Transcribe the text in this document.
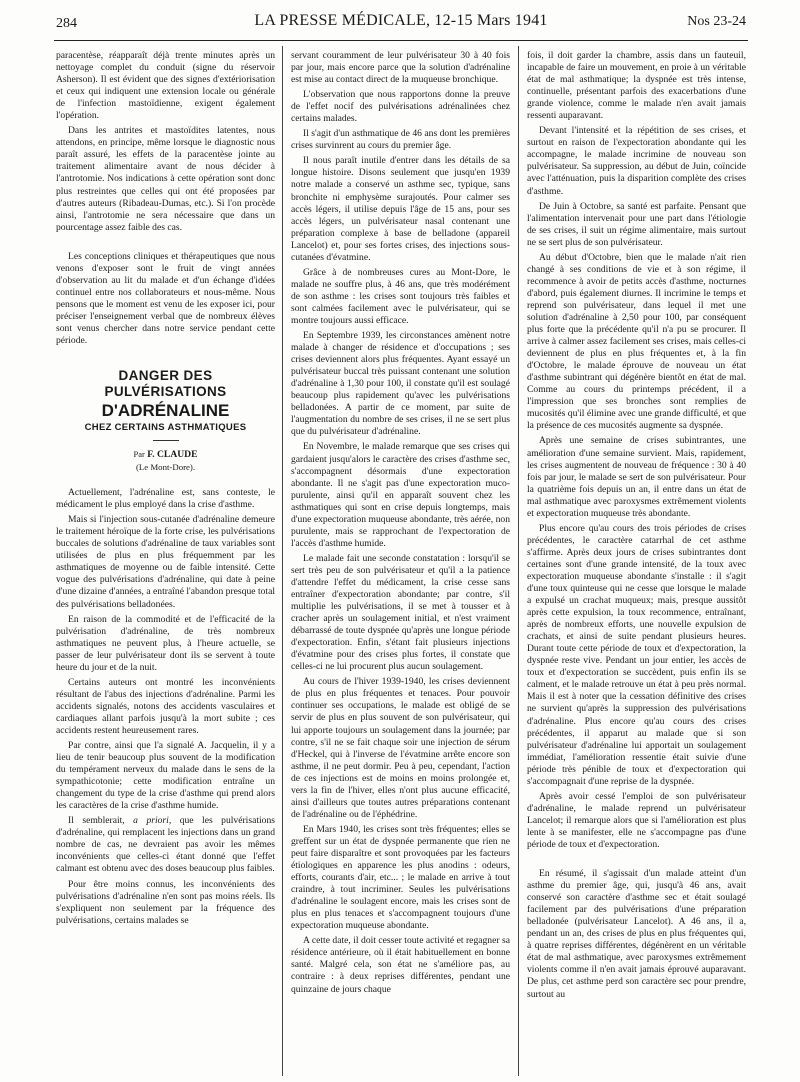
284	LA PRESSE MÉDICALE, 12-15 Mars 1941	Nos 23-24

paracentèse, réapparaît déjà trente minutes après un nettoyage complet du conduit (signe du réservoir Asherson). Il est évident que des signes d'extériorisation et ceux qui indiquent une extension locale ou générale de l'infection mastoïdienne, exigent également l'opération.

Dans les antrites et mastoïdites latentes, nous attendons, en principe, même lorsque le diagnostic nous paraît assuré, les effets de la paracentèse jointe au traitement alimentaire avant de nous décider à l'antrotomie. Nos indications à cette opération sont donc plus restreintes que celles qui ont été proposées par d'autres auteurs (Ribadeau-Dumas, etc.). Si l'on procède ainsi, l'antrotomie ne sera nécessaire que dans un pourcentage assez faible des cas.

Les conceptions cliniques et thérapeutiques que nous venons d'exposer sont le fruit de vingt années d'observation au lit du malade et d'un échange d'idées continuel entre nos collaborateurs et nous-même. Nous pensons que le moment est venu de les exposer ici, pour préciser l'enseignement verbal que de nombreux élèves sont venus chercher dans notre service pendant cette période.

DANGER DES PULVÉRISATIONS
D'ADRÉNALINE
CHEZ CERTAINS ASTHMATIQUES
Par F. CLAUDE
(Le Mont-Dore).

Actuellement, l'adrénaline est, sans conteste, le médicament le plus employé dans la crise d'asthme.

Mais si l'injection sous-cutanée d'adrénaline demeure le traitement héroïque de la forte crise, les pulvérisations buccales de solutions d'adrénaline de taux variables sont utilisées de plus en plus fréquemment par les asthmatiques de moyenne ou de faible intensité. Cette vogue des pulvérisations d'adrénaline, qui date à peine d'une dizaine d'années, a entraîné l'abandon presque total des pulvérisations belladonées.

En raison de la commodité et de l'efficacité de la pulvérisation d'adrénaline, de très nombreux asthmatiques ne peuvent plus, à l'heure actuelle, se passer de leur pulvérisateur dont ils se servent à toute heure du jour et de la nuit.

Certains auteurs ont montré les inconvénients résultant de l'abus des injections d'adrénaline. Parmi les accidents signalés, notons des accidents vasculaires et cardiaques allant parfois jusqu'à la mort subite ; ces accidents restent heureusement rares.

Par contre, ainsi que l'a signalé A. Jacquelin, il y a lieu de tenir beaucoup plus souvent de la modification du tempérament nerveux du malade dans le sens de la sympathicotonie; cette modification entraîne un changement du type de la crise d'asthme qui prend alors les caractères de la crise d'asthme humide.

Il semblerait, a priori, que les pulvérisations d'adrénaline, qui remplacent les injections dans un grand nombre de cas, ne devraient pas avoir les mêmes inconvénients que celles-ci étant donné que l'effet calmant est obtenu avec des doses beaucoup plus faibles.

Pour être moins connus, les inconvénients des pulvérisations d'adrénaline n'en sont pas moins réels. Ils s'expliquent non seulement par la fréquence des pulvérisations, certains malades se

servant couramment de leur pulvérisateur 30 à 40 fois par jour, mais encore parce que la solution d'adrénaline est mise au contact direct de la muqueuse bronchique.

L'observation que nous rapportons donne la preuve de l'effet nocif des pulvérisations adrénalinées chez certains malades.

Il s'agit d'un asthmatique de 46 ans dont les premières crises survinrent au cours du premier âge.

Il nous paraît inutile d'entrer dans les détails de sa longue histoire. Disons seulement que jusqu'en 1939 notre malade a conservé un asthme sec, typique, sans bronchite ni emphysème surajoutés. Pour calmer ses accès légers, il utilise depuis l'âge de 15 ans, pour ses accès légers, un pulvérisateur nasal contenant une préparation complexe à base de belladone (appareil Lancelot) et, pour ses fortes crises, des injections sous-cutanées d'évatmine.

Grâce à de nombreuses cures au Mont-Dore, le malade ne souffre plus, à 46 ans, que très modérément de son asthme : les crises sont toujours très faibles et sont calmées facilement avec le pulvérisateur, qui se montre toujours aussi efficace.

En Septembre 1939, les circonstances amènent notre malade à changer de résidence et d'occupations ; ses crises deviennent alors plus fréquentes. Ayant essayé un pulvérisateur buccal très puissant contenant une solution d'adrénaline à 1,30 pour 100, il constate qu'il est soulagé beaucoup plus rapidement qu'avec les pulvérisations belladonées. A partir de ce moment, par suite de l'augmentation du nombre de ses crises, il ne se sert plus que du pulvérisateur d'adrénaline.

En Novembre, le malade remarque que ses crises qui gardaient jusqu'alors le caractère des crises d'asthme sec, s'accompagnent désormais d'une expectoration abondante. Il ne s'agit pas d'une expectoration muco-purulente, ainsi qu'il en apparaît souvent chez les asthmatiques qui sont en crise depuis longtemps, mais d'une expectoration muqueuse abondante, très aérée, non purulente, mais se rapprochant de l'expectoration de l'accès d'asthme humide.

Le malade fait une seconde constatation : lorsqu'il se sert très peu de son pulvérisateur et qu'il a la patience d'attendre l'effet du médicament, la crise cesse sans entraîner d'expectoration abondante; par contre, s'il multiplie les pulvérisations, il se met à tousser et à cracher après un soulagement initial, et n'est vraiment débarrassé de toute dyspnée qu'après une longue période d'expectoration. Enfin, s'étant fait plusieurs injections d'évatmine pour des crises plus fortes, il constate que celles-ci ne lui procurent plus aucun soulagement.

Au cours de l'hiver 1939-1940, les crises deviennent de plus en plus fréquentes et tenaces. Pour pouvoir continuer ses occupations, le malade est obligé de se servir de plus en plus souvent de son pulvérisateur, qui lui apporte toujours un soulagement dans la journée; par contre, s'il ne se fait chaque soir une injection de sérum d'Heckel, qui à l'inverse de l'évatmine arrête encore son asthme, il ne peut dormir. Peu à peu, cependant, l'action de ces injections est de moins en moins prolongée et, vers la fin de l'hiver, elles n'ont plus aucune efficacité, ainsi d'ailleurs que toutes autres préparations contenant de l'adrénaline ou de l'éphédrine.

En Mars 1940, les crises sont très fréquentes; elles se greffent sur un état de dyspnée permanente que rien ne peut faire disparaître et sont provoquées par les facteurs étiologiques en apparence les plus anodins : odeurs, efforts, courants d'air, etc... ; le malade en arrive à tout craindre, à tout incriminer. Seules les pulvérisations d'adrénaline le soulagent encore, mais les crises sont de plus en plus tenaces et s'accompagnent toujours d'une expectoration muqueuse abondante.

A cette date, il doit cesser toute activité et regagner sa résidence antérieure, où il était habituellement en bonne santé. Malgré cela, son état ne s'améliore pas, au contraire : à deux reprises différentes, pendant une quinzaine de jours chaque

fois, il doit garder la chambre, assis dans un fauteuil, incapable de faire un mouvement, en proie à un véritable état de mal asthmatique; la dyspnée est très intense, continuelle, présentant parfois des exacerbations d'une grande violence, comme le malade n'en avait jamais ressenti auparavant.

Devant l'intensité et la répétition de ses crises, et surtout en raison de l'expectoration abondante qui les accompagne, le malade incrimine de nouveau son pulvérisateur. Sa suppression, au début de Juin, coïncide avec l'atténuation, puis la disparition complète des crises d'asthme.

De Juin à Octobre, sa santé est parfaite. Pensant que l'alimentation intervenait pour une part dans l'étiologie de ses crises, il suit un régime alimentaire, mais surtout ne se sert plus de son pulvérisateur.

Au début d'Octobre, bien que le malade n'ait rien changé à ses conditions de vie et à son régime, il recommence à avoir de petits accès d'asthme, nocturnes d'abord, puis également diurnes. Il incrimine le temps et reprend son pulvérisateur, dans lequel il met une solution d'adrénaline à 2,50 pour 100, par conséquent plus forte que la précédente qu'il n'a pu se procurer. Il arrive à calmer assez facilement ses crises, mais celles-ci deviennent de plus en plus fréquentes et, à la fin d'Octobre, le malade éprouve de nouveau un état d'asthme subintrant qui dégénère bientôt en état de mal. Comme au cours du printemps précédent, il a l'impression que ses bronches sont remplies de mucosités qu'il élimine avec une grande difficulté, et que la présence de ces mucosités augmente sa dyspnée.

Après une semaine de crises subintrantes, une amélioration d'une semaine survient. Mais, rapidement, les crises augmentent de nouveau de fréquence : 30 à 40 fois par jour, le malade se sert de son pulvérisateur. Pour la quatrième fois depuis un an, il entre dans un état de mal asthmatique avec paroxysmes extrêmement violents et expectoration muqueuse très abondante.

Plus encore qu'au cours des trois périodes de crises précédentes, le caractère catarrhal de cet asthme s'affirme. Après deux jours de crises subintrantes dont certaines sont d'une grande intensité, de la toux avec expectoration muqueuse abondante s'installe : il s'agit d'une toux quinteuse qui ne cesse que lorsque le malade a expulsé un crachat muqueux; mais, presque aussitôt après cette expulsion, la toux recommence, entraînant, après de nombreux efforts, une nouvelle expulsion de crachats, et ainsi de suite pendant plusieurs heures. Durant toute cette période de toux et d'expectoration, la dyspnée reste vive. Pendant un jour entier, les accès de toux et d'expectoration se succèdent, puis enfin ils se calment, et le malade retrouve un état à peu près normal. Mais il est à noter que la cessation définitive des crises ne survient qu'après la suppression des pulvérisations d'adrénaline. Plus encore qu'au cours des crises précédentes, il apparut au malade que si son pulvérisateur d'adrénaline lui apportait un soulagement immédiat, l'amélioration ressentie était suivie d'une période très pénible de toux et d'expectoration qui s'accompagnait d'une reprise de la dyspnée.

Après avoir cessé l'emploi de son pulvérisateur d'adrénaline, le malade reprend un pulvérisateur Lancelot; il remarque alors que si l'amélioration est plus lente à se manifester, elle ne s'accompagne pas d'une période de toux et d'expectoration.

En résumé, il s'agissait d'un malade atteint d'un asthme du premier âge, qui, jusqu'à 46 ans, avait conservé son caractère d'asthme sec et était soulagé facilement par des pulvérisations d'une préparation belladonée (pulvérisateur Lancelot). A 46 ans, il a, pendant un an, des crises de plus en plus fréquentes qui, à quatre reprises différentes, dégénèrent en un véritable état de mal asthmatique, avec paroxysmes extrêmement violents comme il n'en avait jamais éprouvé auparavant. De plus, cet asthme perd son caractère sec pour prendre, surtout au
